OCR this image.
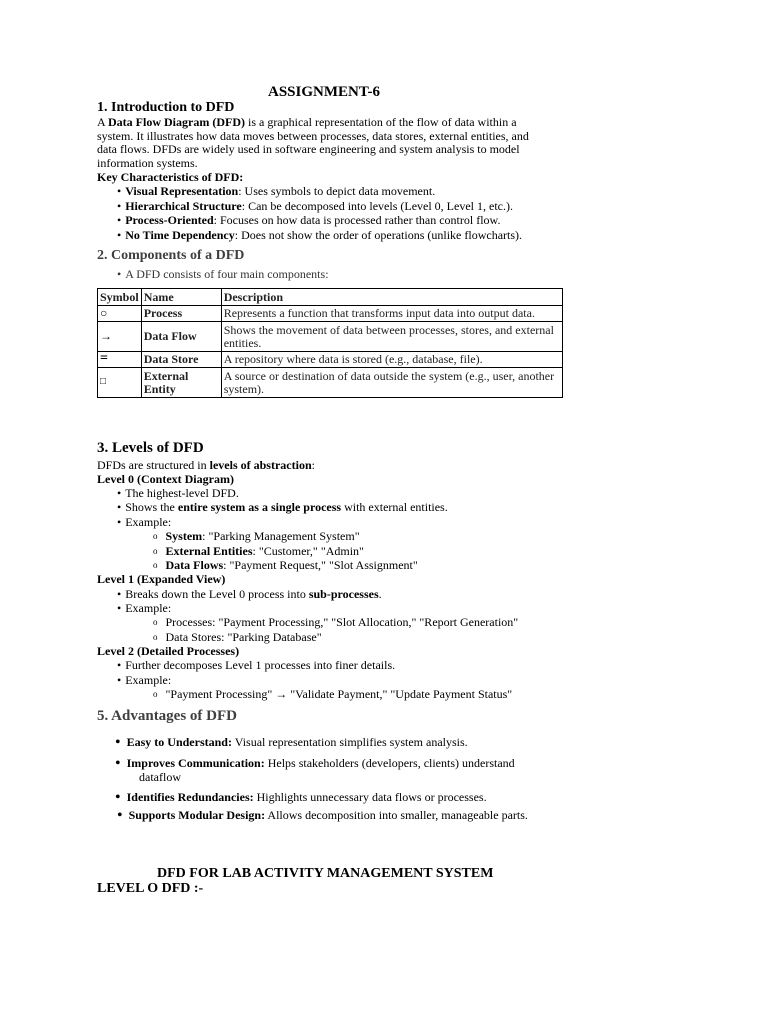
ASSIGNMENT-6
1. Introduction to DFD
A Data Flow Diagram (DFD) is a graphical representation of the flow of data within a system. It illustrates how data moves between processes, data stores, external entities, and data flows. DFDs are widely used in software engineering and system analysis to model information systems.
Key Characteristics of DFD:
• Visual Representation: Uses symbols to depict data movement.
• Hierarchical Structure: Can be decomposed into levels (Level 0, Level 1, etc.).
• Process-Oriented: Focuses on how data is processed rather than control flow.
• No Time Dependency: Does not show the order of operations (unlike flowcharts).
2. Components of a DFD
• A DFD consists of four main components:
Symbol	Name	Description
○	Process	Represents a function that transforms input data into output data.
→	Data Flow	Shows the movement of data between processes, stores, and external entities.
=	Data Store	A repository where data is stored (e.g., database, file).
□	External Entity	A source or destination of data outside the system (e.g., user, another system).
3. Levels of DFD
DFDs are structured in levels of abstraction:
Level 0 (Context Diagram)
• The highest-level DFD.
• Shows the entire system as a single process with external entities.
• Example:
o System: "Parking Management System"
o External Entities: "Customer," "Admin"
o Data Flows: "Payment Request," "Slot Assignment"
Level 1 (Expanded View)
• Breaks down the Level 0 process into sub-processes.
• Example:
o Processes: "Payment Processing," "Slot Allocation," "Report Generation"
o Data Stores: "Parking Database"
Level 2 (Detailed Processes)
• Further decomposes Level 1 processes into finer details.
• Example:
o "Payment Processing" → "Validate Payment," "Update Payment Status"
5. Advantages of DFD
• Easy to Understand: Visual representation simplifies system analysis.
• Improves Communication: Helps stakeholders (developers, clients) understand
dataflow
• Identifies Redundancies: Highlights unnecessary data flows or processes.
• Supports Modular Design: Allows decomposition into smaller, manageable parts.
DFD FOR LAB ACTIVITY MANAGEMENT SYSTEM
LEVEL O DFD :-
